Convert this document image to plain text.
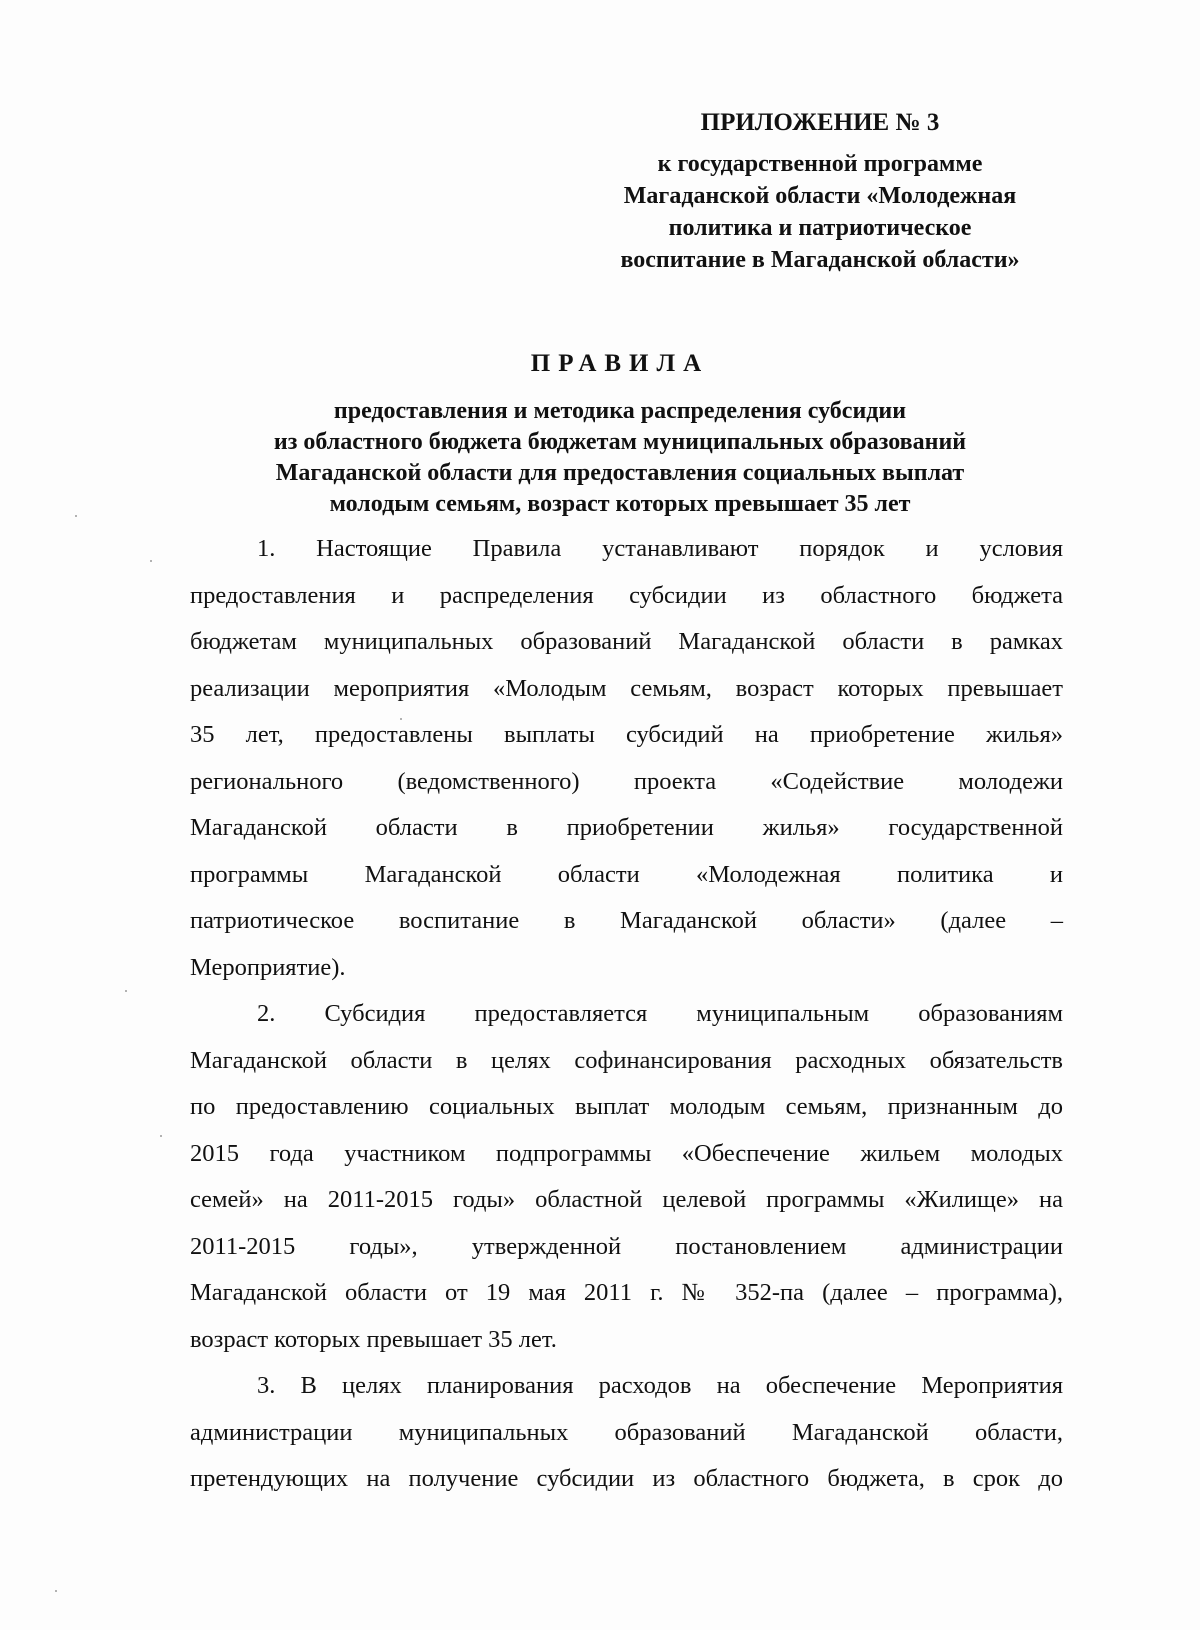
ПРИЛОЖЕНИЕ № 3
к государственной программе
Магаданской области «Молодежная
политика и патриотическое
воспитание в Магаданской области»
ПРАВИЛА
предоставления и методика распределения субсидии
из областного бюджета бюджетам муниципальных образований
Магаданской области для предоставления социальных выплат
молодым семьям, возраст которых превышает 35 лет
1. Настоящие Правила устанавливают порядок и условия
предоставления и распределения субсидии из областного бюджета
бюджетам муниципальных образований Магаданской области в рамках
реализации мероприятия «Молодым семьям, возраст которых превышает
35 лет, предоставлены выплаты субсидий на приобретение жилья»
регионального (ведомственного) проекта «Содействие молодежи
Магаданской области в приобретении жилья» государственной
программы Магаданской области «Молодежная политика и
патриотическое воспитание в Магаданской области» (далее –
Мероприятие).
2. Субсидия предоставляется муниципальным образованиям
Магаданской области в целях софинансирования расходных обязательств
по предоставлению социальных выплат молодым семьям, признанным до
2015 года участником подпрограммы «Обеспечение жильем молодых
семей» на 2011-2015 годы» областной целевой программы «Жилище» на
2011-2015 годы», утвержденной постановлением администрации
Магаданской области от 19 мая 2011 г. № 352-па (далее – программа),
возраст которых превышает 35 лет.
3. В целях планирования расходов на обеспечение Мероприятия
администрации муниципальных образований Магаданской области,
претендующих на получение субсидии из областного бюджета, в срок до
